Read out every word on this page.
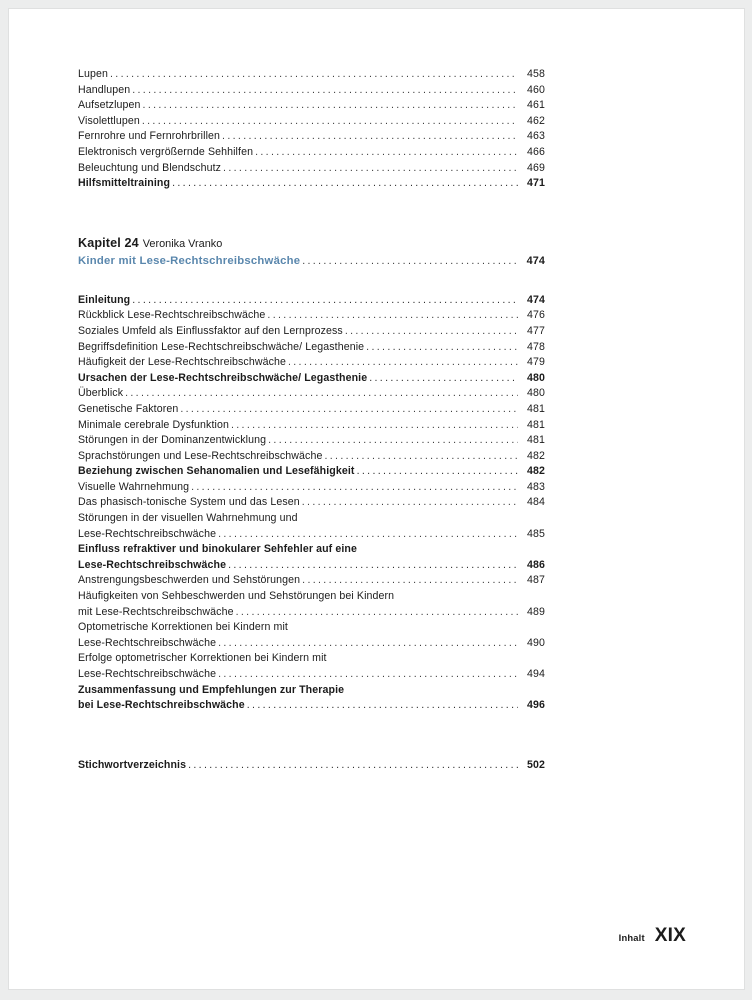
Lupen . . .	458
Handlupen . . .	460
Aufsetzlupen . . .	461
Visolettlupen . . .	462
Fernrohre und Fernrohrbrillen . . .	463
Elektronisch vergrößernde Sehhilfen . . .	466
Beleuchtung und Blendschutz . . .	469
Hilfsmitteltraining . . .	471
Kapitel 24 Veronika Vranko
Kinder mit Lese-Rechtschreibschwäche . . .	474
Einleitung . . .	474
Rückblick Lese-Rechtschreibschwäche . . .	476
Soziales Umfeld als Einflussfaktor auf den Lernprozess . . .	477
Begriffsdefinition Lese-Rechtschreibschwäche/ Legasthenie . . .	478
Häufigkeit der Lese-Rechtschreibschwäche . . .	479
Ursachen der Lese-Rechtschreibschwäche/ Legasthenie . . .	480
Überblick . . .	480
Genetische Faktoren . . .	481
Minimale cerebrale Dysfunktion . . .	481
Störungen in der Dominanzentwicklung . . .	481
Sprachstörungen und Lese-Rechtschreibschwäche . . .	482
Beziehung zwischen Sehanomalien und Lesefähigkeit . . .	482
Visuelle Wahrnehmung . . .	483
Das phasisch-tonische System und das Lesen . . .	484
Störungen in der visuellen Wahrnehmung und
Lese-Rechtschreibschwäche . . .	485
Einfluss refraktiver und binokularer Sehfehler auf eine
Lese-Rechtschreibschwäche . . .	486
Anstrengungsbeschwerden und Sehstörungen . . .	487
Häufigkeiten von Sehbeschwerden und Sehstörungen bei Kindern
mit Lese-Rechtschreibschwäche . . .	489
Optometrische Korrektionen bei Kindern mit
Lese-Rechtschreibschwäche . . .	490
Erfolge optometrischer Korrektionen bei Kindern mit
Lese-Rechtschreibschwäche . . .	494
Zusammenfassung und Empfehlungen zur Therapie
bei Lese-Rechtschreibschwäche . . .	496
Stichwortverzeichnis . . .	502
Inhalt XIX
